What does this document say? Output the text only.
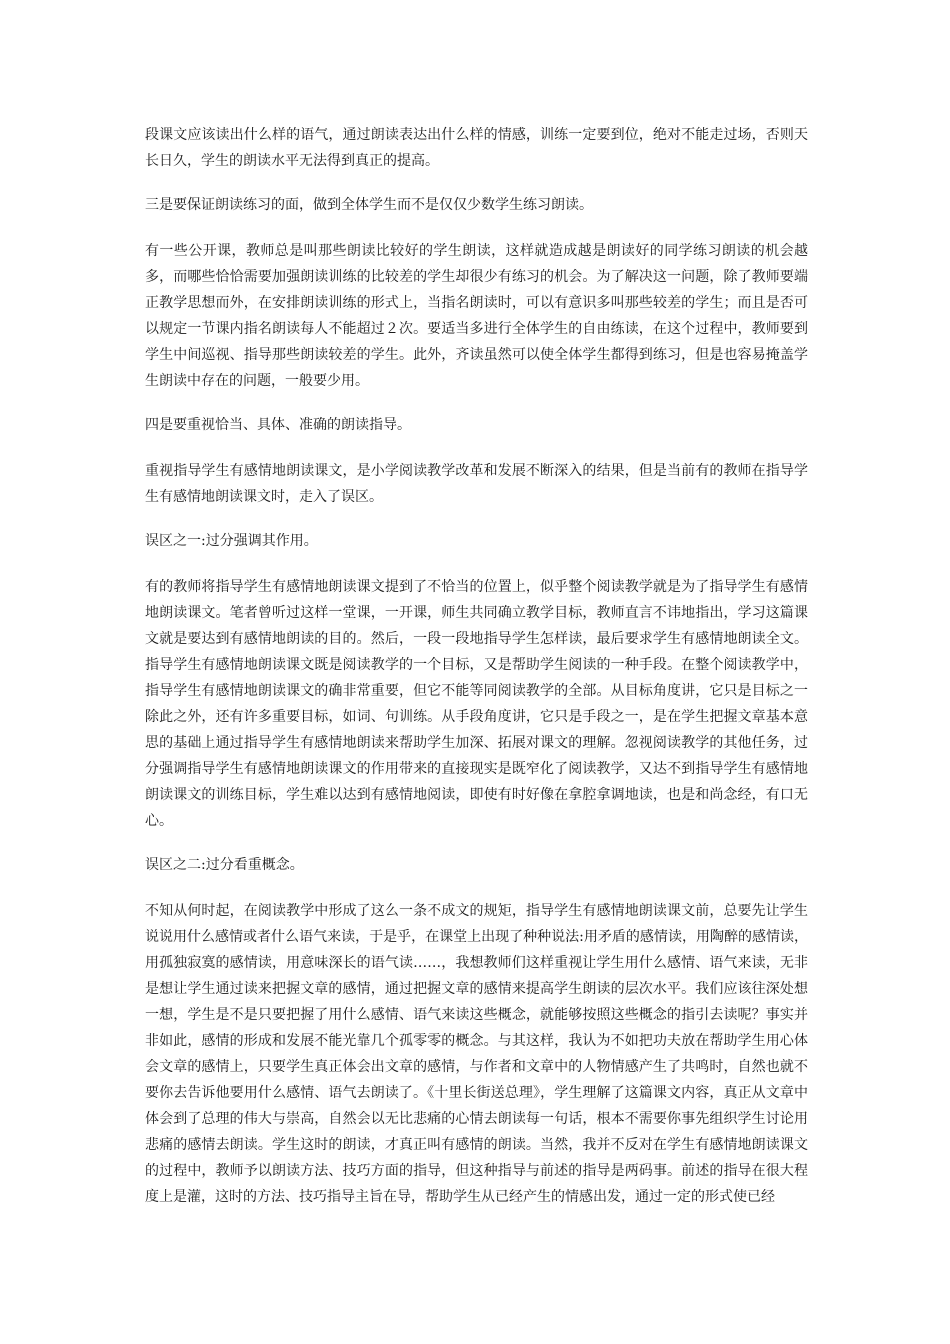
段课文应该读出什么样的语气，通过朗读表达出什么样的情感，训练一定要到位，绝对不能走过场，否则天长日久，学生的朗读水平无法得到真正的提高。

三是要保证朗读练习的面，做到全体学生而不是仅仅少数学生练习朗读。

有一些公开课，教师总是叫那些朗读比较好的学生朗读，这样就造成越是朗读好的同学练习朗读的机会越多，而哪些恰恰需要加强朗读训练的比较差的学生却很少有练习的机会。为了解决这一问题，除了教师要端正教学思想而外，在安排朗读训练的形式上，当指名朗读时，可以有意识多叫那些较差的学生；而且是否可以规定一节课内指名朗读每人不能超过２次。要适当多进行全体学生的自由练读，在这个过程中，教师要到学生中间巡视、指导那些朗读较差的学生。此外，齐读虽然可以使全体学生都得到练习，但是也容易掩盖学生朗读中存在的问题，一般要少用。

四是要重视恰当、具体、准确的朗读指导。

重视指导学生有感情地朗读课文，是小学阅读教学改革和发展不断深入的结果，但是当前有的教师在指导学生有感情地朗读课文时，走入了误区。

误区之一:过分强调其作用。

有的教师将指导学生有感情地朗读课文提到了不恰当的位置上，似乎整个阅读教学就是为了指导学生有感情地朗读课文。笔者曾听过这样一堂课，一开课，师生共同确立教学目标，教师直言不讳地指出，学习这篇课文就是要达到有感情地朗读的目的。然后，一段一段地指导学生怎样读，最后要求学生有感情地朗读全文。指导学生有感情地朗读课文既是阅读教学的一个目标，又是帮助学生阅读的一种手段。在整个阅读教学中，指导学生有感情地朗读课文的确非常重要，但它不能等同阅读教学的全部。从目标角度讲，它只是目标之一除此之外，还有许多重要目标，如词、句训练。从手段角度讲，它只是手段之一，是在学生把握文章基本意思的基础上通过指导学生有感情地朗读来帮助学生加深、拓展对课文的理解。忽视阅读教学的其他任务，过分强调指导学生有感情地朗读课文的作用带来的直接现实是既窄化了阅读教学，又达不到指导学生有感情地朗读课文的训练目标，学生难以达到有感情地阅读，即使有时好像在拿腔拿调地读，也是和尚念经，有口无心。

误区之二:过分看重概念。

不知从何时起，在阅读教学中形成了这么一条不成文的规矩，指导学生有感情地朗读课文前，总要先让学生说说用什么感情或者什么语气来读，于是乎，在课堂上出现了种种说法:用矛盾的感情读，用陶醉的感情读，用孤独寂寞的感情读，用意味深长的语气读……，我想教师们这样重视让学生用什么感情、语气来读，无非是想让学生通过读来把握文章的感情，通过把握文章的感情来提高学生朗读的层次水平。我们应该往深处想一想，学生是不是只要把握了用什么感情、语气来读这些概念，就能够按照这些概念的指引去读呢？事实并非如此，感情的形成和发展不能光靠几个孤零零的概念。与其这样，我认为不如把功夫放在帮助学生用心体会文章的感情上，只要学生真正体会出文章的感情，与作者和文章中的人物情感产生了共鸣时，自然也就不要你去告诉他要用什么感情、语气去朗读了。《十里长街送总理》，学生理解了这篇课文内容，真正从文章中体会到了总理的伟大与崇高，自然会以无比悲痛的心情去朗读每一句话，根本不需要你事先组织学生讨论用悲痛的感情去朗读。学生这时的朗读，才真正叫有感情的朗读。当然，我并不反对在学生有感情地朗读课文的过程中，教师予以朗读方法、技巧方面的指导，但这种指导与前述的指导是两码事。前述的指导在很大程度上是灌，这时的方法、技巧指导主旨在导，帮助学生从已经产生的情感出发，通过一定的形式使已经
